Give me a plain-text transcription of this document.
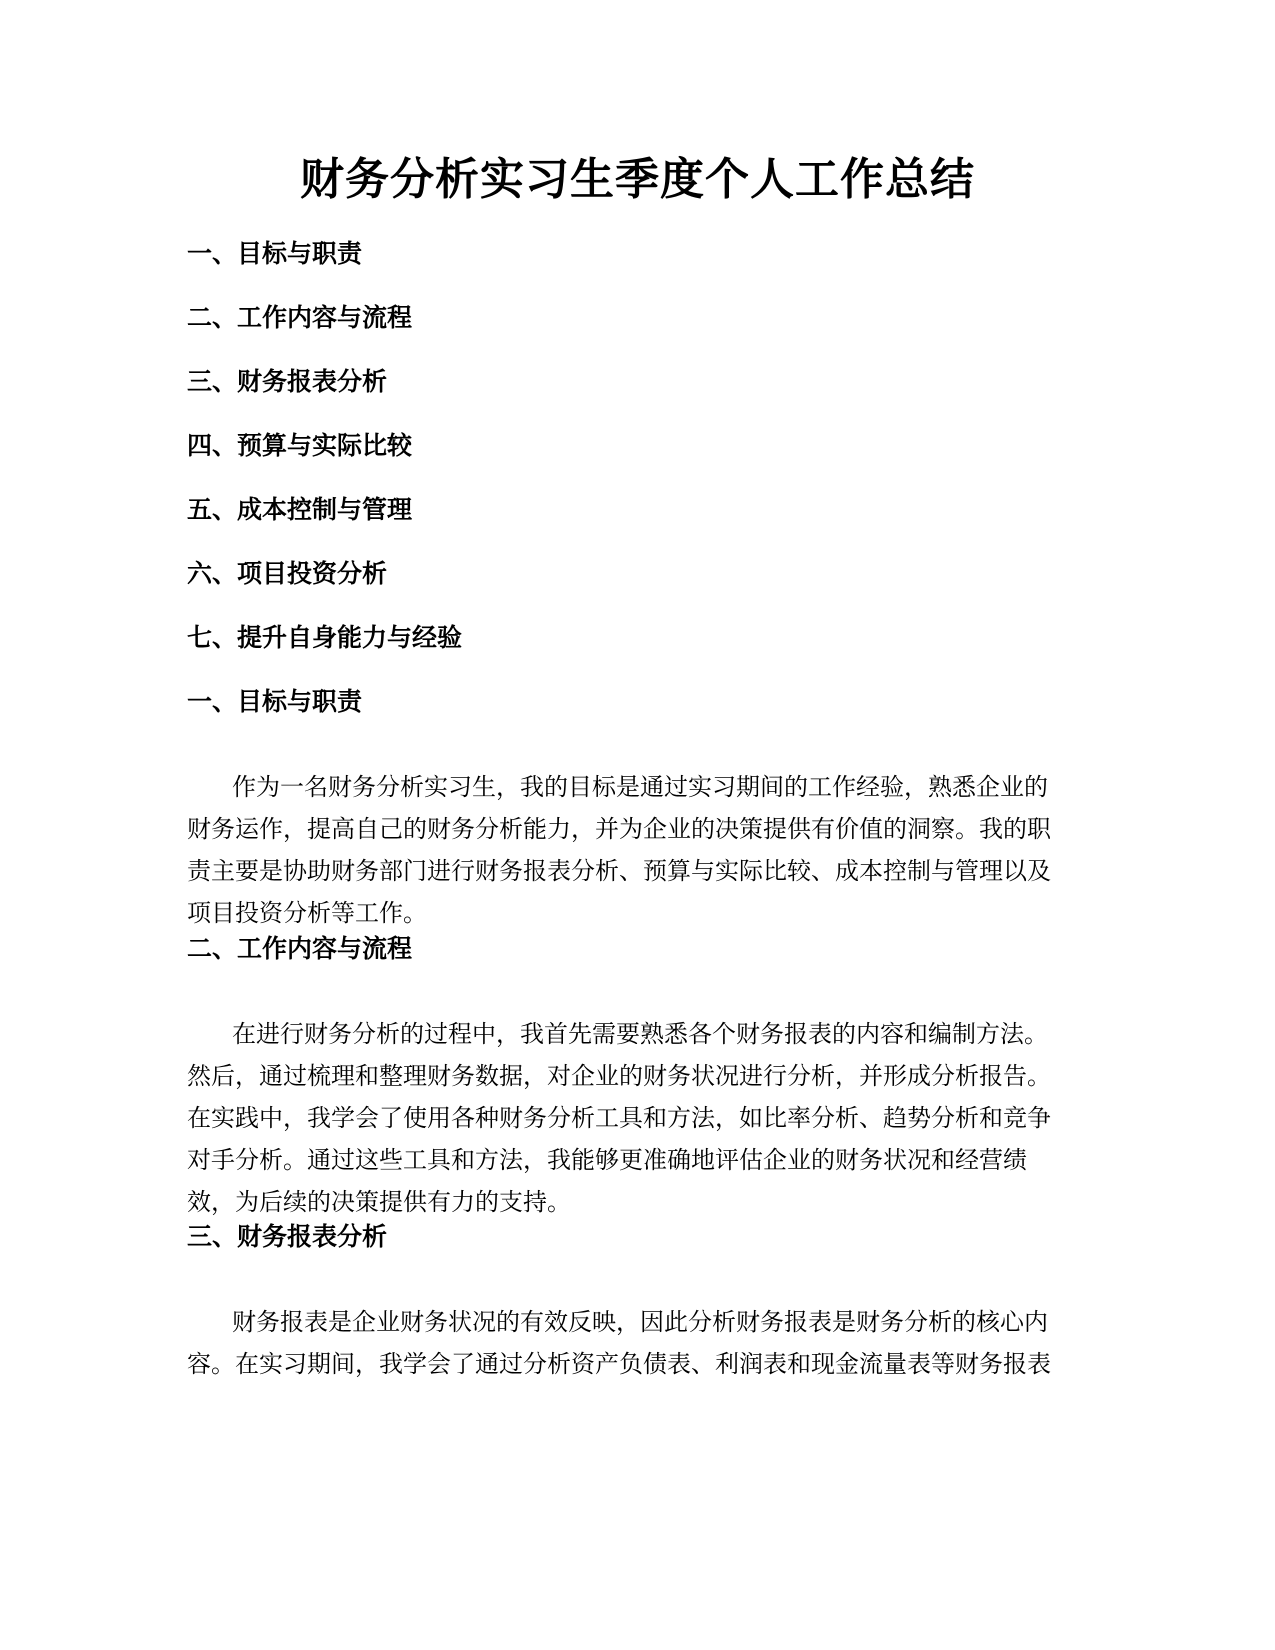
财务分析实习生季度个人工作总结

一、目标与职责

二、工作内容与流程

三、财务报表分析

四、预算与实际比较

五、成本控制与管理

六、项目投资分析

七、提升自身能力与经验

一、目标与职责
作为一名财务分析实习生，我的目标是通过实习期间的工作经验，熟悉企业的
财务运作，提高自己的财务分析能力，并为企业的决策提供有价值的洞察。我的职
责主要是协助财务部门进行财务报表分析、预算与实际比较、成本控制与管理以及
项目投资分析等工作。
二、工作内容与流程
在进行财务分析的过程中，我首先需要熟悉各个财务报表的内容和编制方法。
然后，通过梳理和整理财务数据，对企业的财务状况进行分析，并形成分析报告。
在实践中，我学会了使用各种财务分析工具和方法，如比率分析、趋势分析和竞争
对手分析。通过这些工具和方法，我能够更准确地评估企业的财务状况和经营绩
效，为后续的决策提供有力的支持。
三、财务报表分析
财务报表是企业财务状况的有效反映，因此分析财务报表是财务分析的核心内
容。在实习期间，我学会了通过分析资产负债表、利润表和现金流量表等财务报表
